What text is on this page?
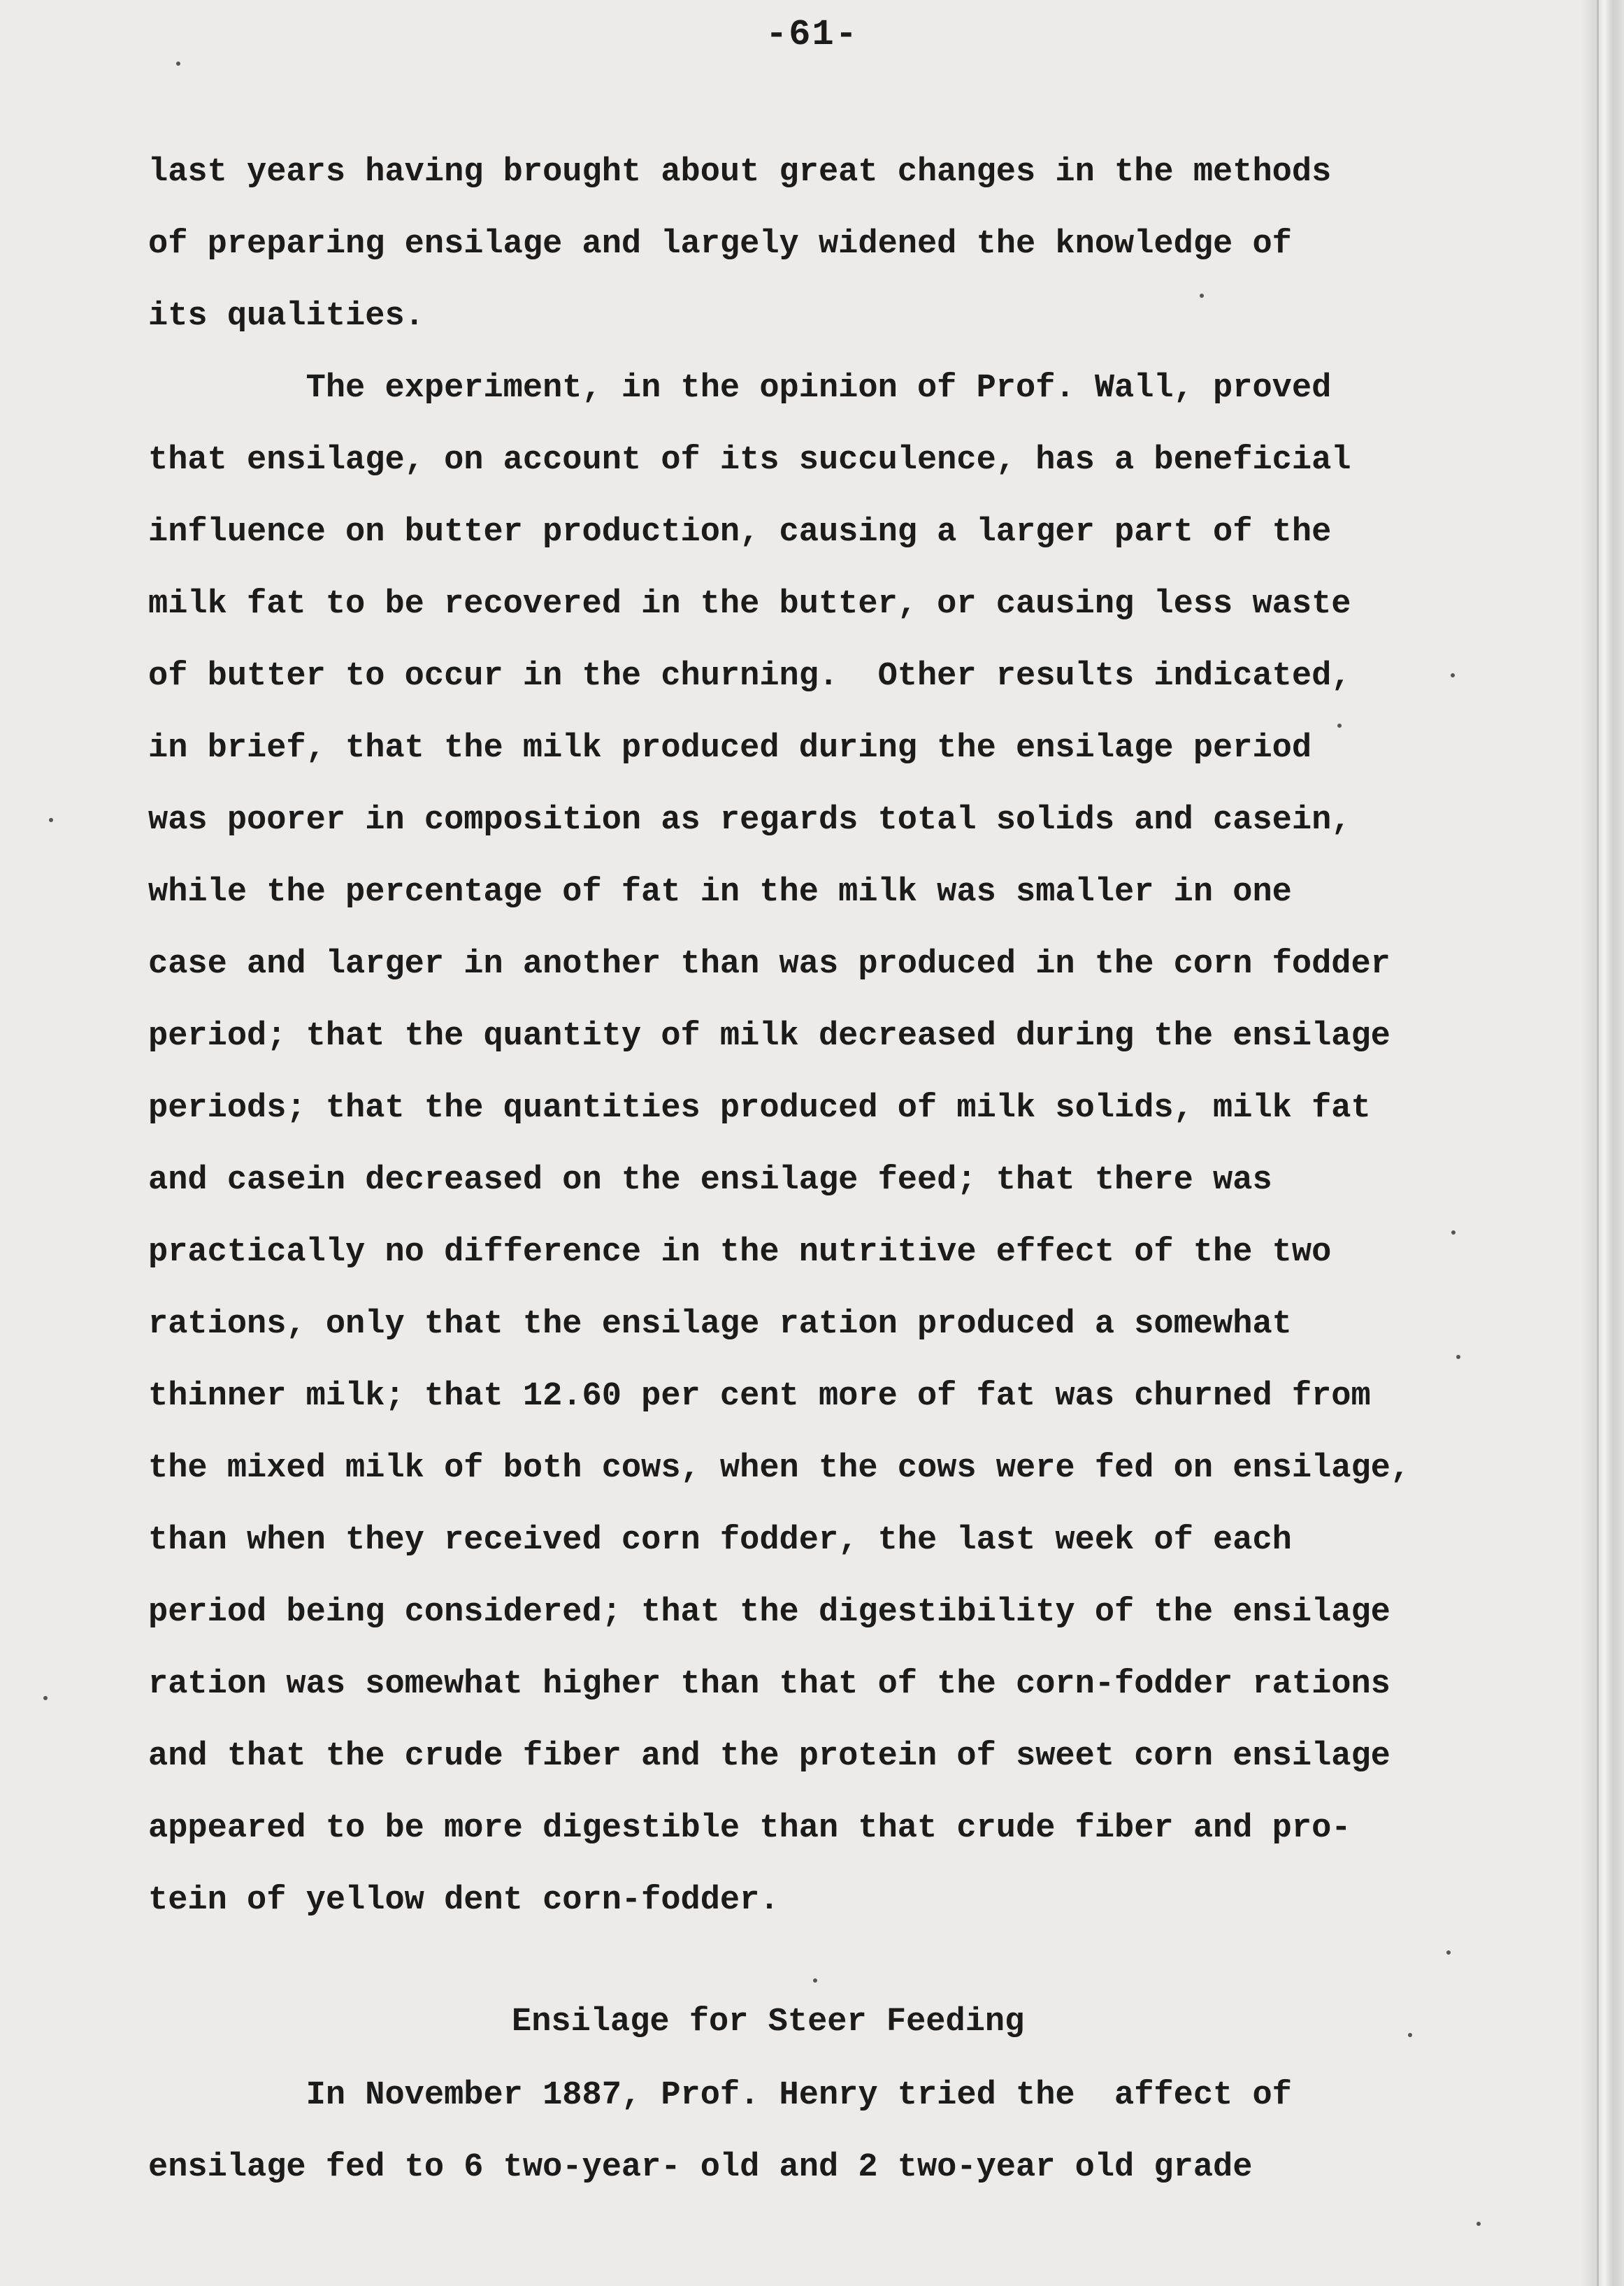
-61-
last years having brought about great changes in the methods
of preparing ensilage and largely widened the knowledge of
its qualities.
The experiment, in the opinion of Prof. Wall, proved
that ensilage, on account of its succulence, has a beneficial
influence on butter production, causing a larger part of the
milk fat to be recovered in the butter, or causing less waste
of butter to occur in the churning.  Other results indicated,
in brief, that the milk produced during the ensilage period
was poorer in composition as regards total solids and casein,
while the percentage of fat in the milk was smaller in one
case and larger in another than was produced in the corn fodder
period; that the quantity of milk decreased during the ensilage
periods; that the quantities produced of milk solids, milk fat
and casein decreased on the ensilage feed; that there was
practically no difference in the nutritive effect of the two
rations, only that the ensilage ration produced a somewhat
thinner milk; that 12.60 per cent more of fat was churned from
the mixed milk of both cows, when the cows were fed on ensilage,
than when they received corn fodder, the last week of each
period being considered; that the digestibility of the ensilage
ration was somewhat higher than that of the corn-fodder rations
and that the crude fiber and the protein of sweet corn ensilage
appeared to be more digestible than that crude fiber and pro-
tein of yellow dent corn-fodder.
Ensilage for Steer Feeding
In November 1887, Prof. Henry tried the  affect of
ensilage fed to 6 two-year- old and 2 two-year old grade
